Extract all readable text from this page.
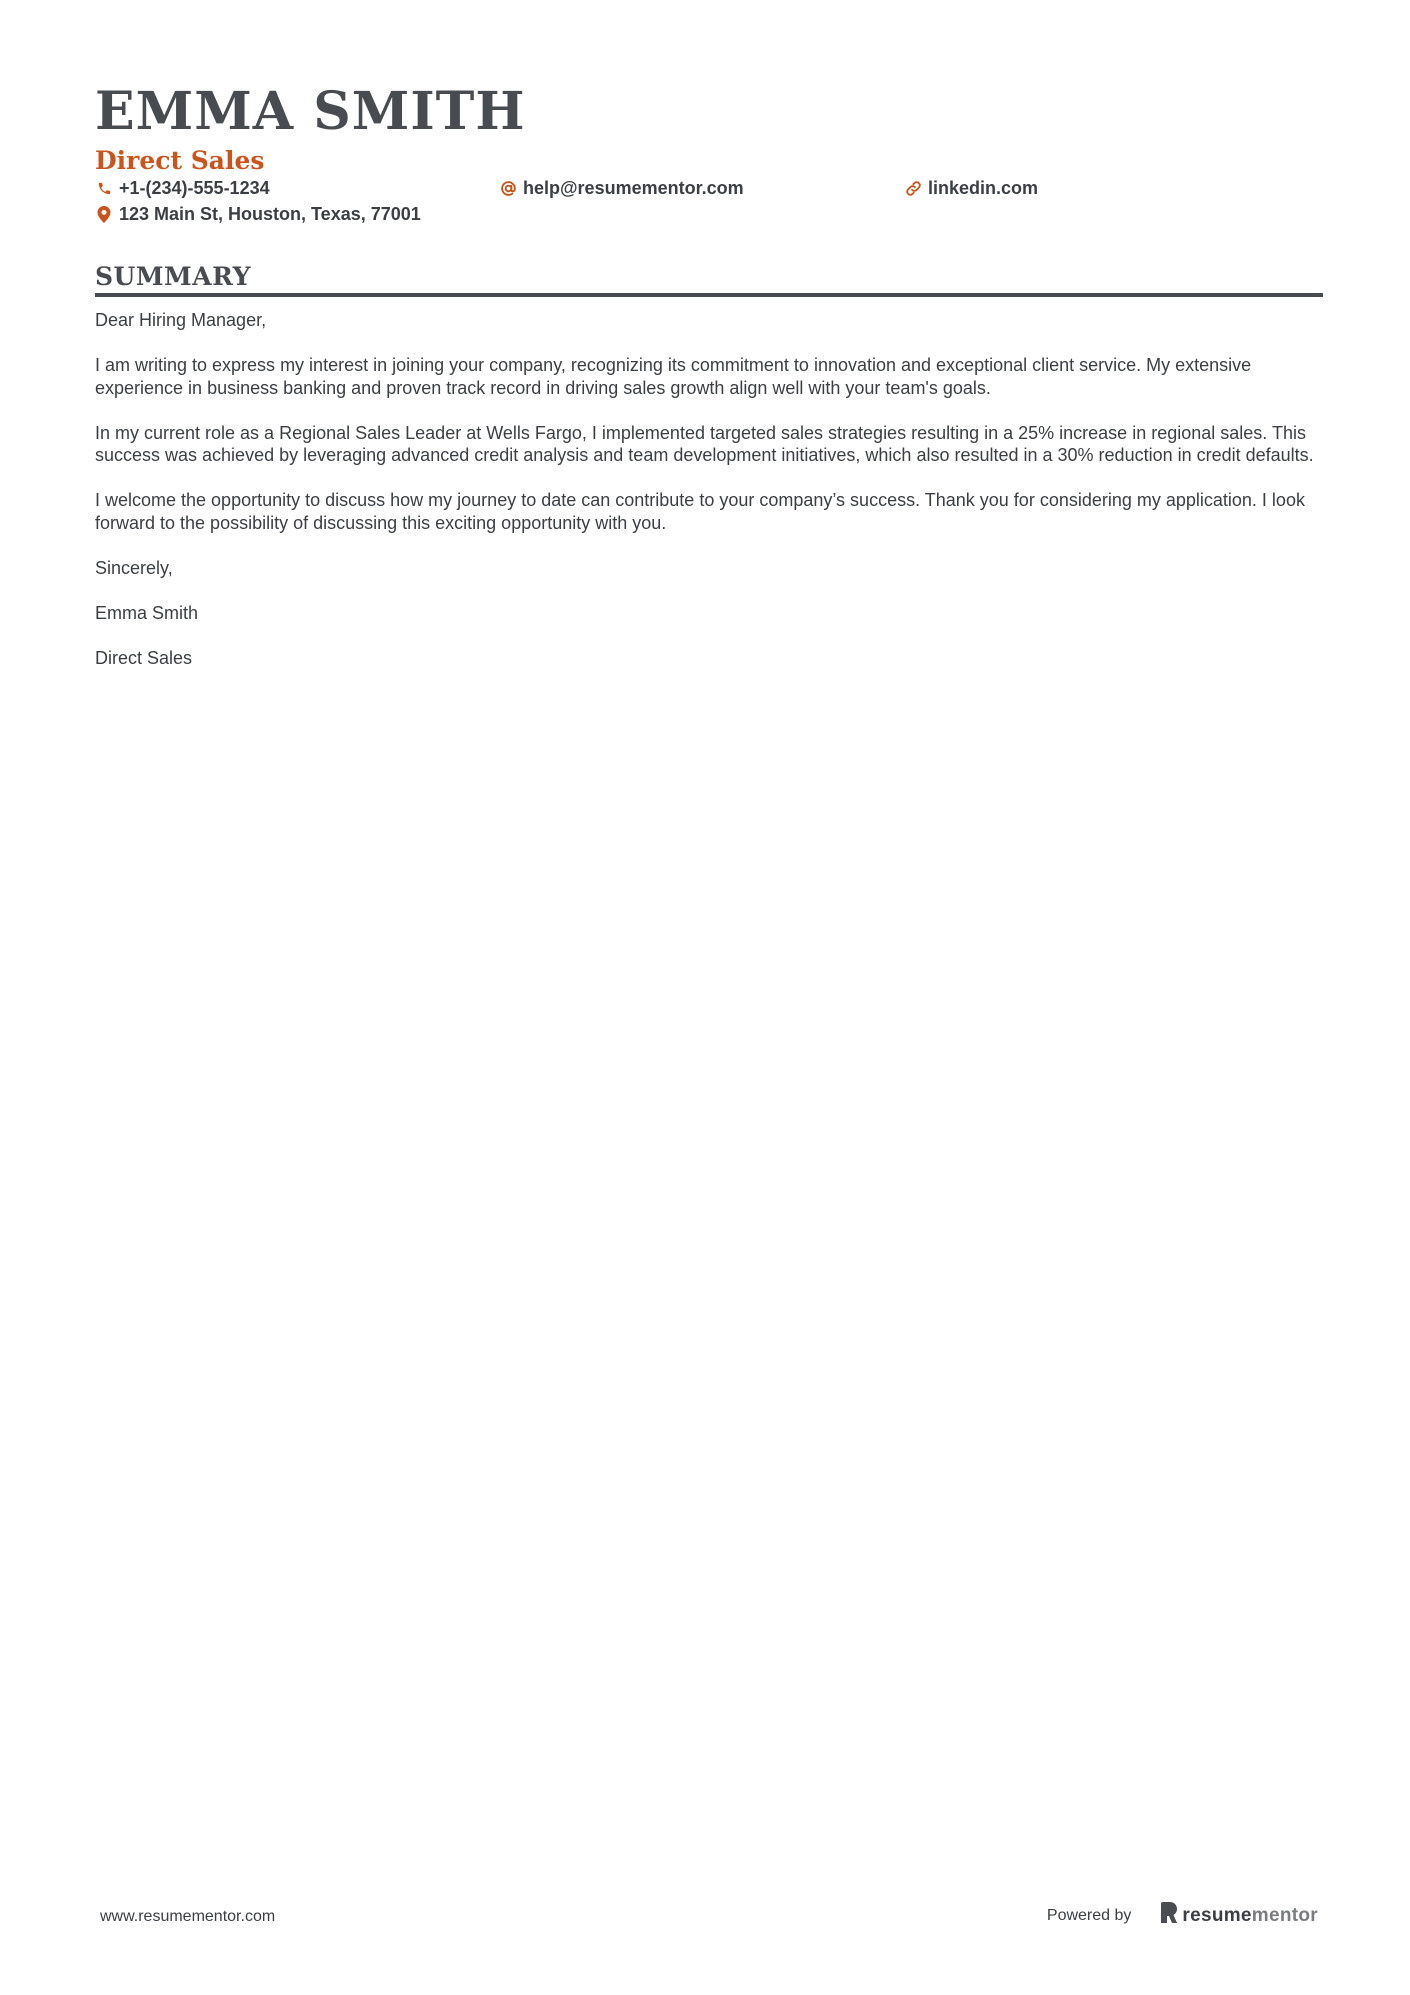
EMMA SMITH
Direct Sales
+1-(234)-555-1234	help@resumementor.com	linkedin.com
123 Main St, Houston, Texas, 77001
SUMMARY

Dear Hiring Manager,

I am writing to express my interest in joining your company, recognizing its commitment to innovation and exceptional client service. My extensive experience in business banking and proven track record in driving sales growth align well with your team's goals.

In my current role as a Regional Sales Leader at Wells Fargo, I implemented targeted sales strategies resulting in a 25% increase in regional sales. This success was achieved by leveraging advanced credit analysis and team development initiatives, which also resulted in a 30% reduction in credit defaults.

I welcome the opportunity to discuss how my journey to date can contribute to your company’s success. Thank you for considering my application. I look forward to the possibility of discussing this exciting opportunity with you.

Sincerely,

Emma Smith

Direct Sales

www.resumementor.com	Powered by	resume mentor
